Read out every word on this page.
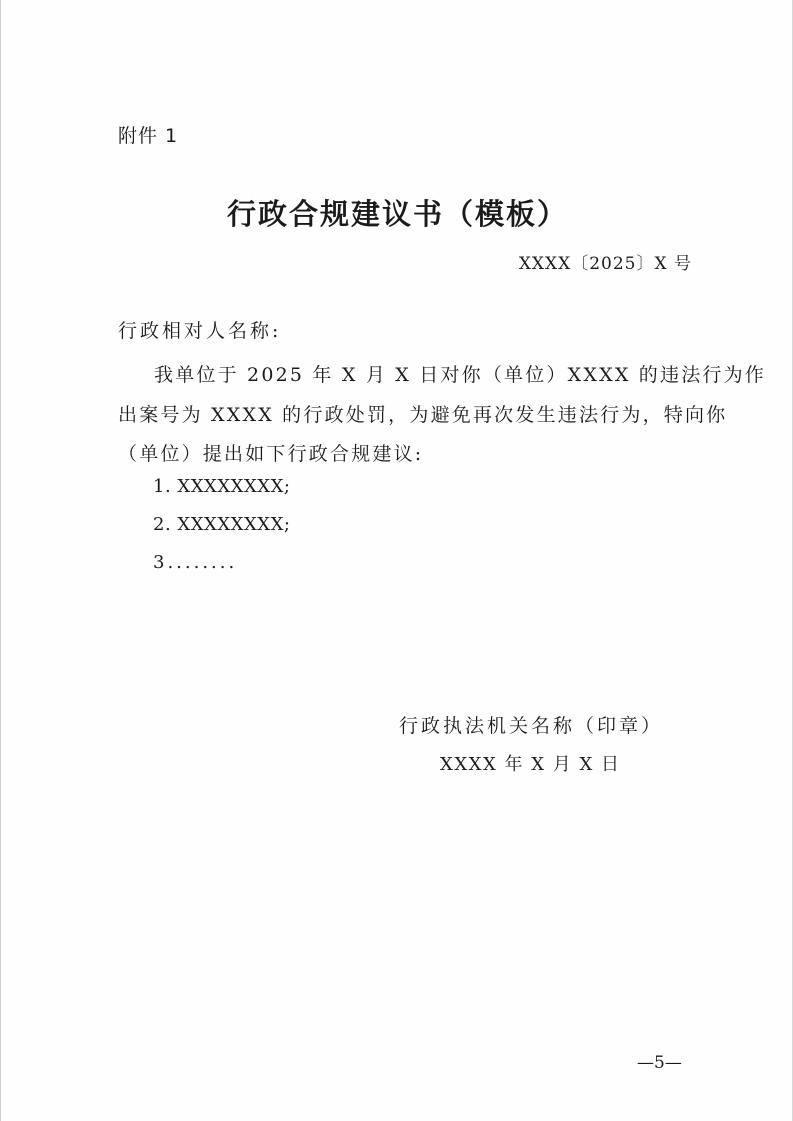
附件 1
行政合规建议书（模板）
XXXX〔2025〕X 号
行政相对人名称:
我单位于 2025 年 X 月 X 日对你（单位）XXXX 的违法行为作
出案号为 XXXX 的行政处罚，为避免再次发生违法行为，特向你
（单位）提出如下行政合规建议:
1. XXXXXXXX;
2. XXXXXXXX;
3........
行政执法机关名称（印章）
XXXX 年 X 月 X 日
—5—
